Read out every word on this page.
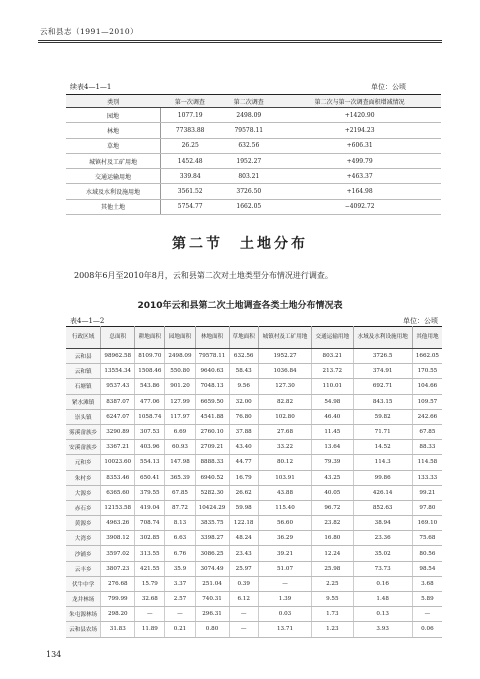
云和县志（1991—2010）
续表4—1—1	单位：公顷
类别	第一次调查	第二次调查	第二次与第一次调查面积增减情况
园地	1077.19	2498.09	+1420.90
林地	77383.88	79578.11	+2194.23
草地	26.25	632.56	+606.31
城镇村及工矿用地	1452.48	1952.27	+499.79
交通运输用地	339.84	803.21	+463.37
水域及水利设施用地	3561.52	3726.50	+164.98
其他土地	5754.77	1662.05	−4092.72
第二节　土地分布
2008年6月至2010年8月，云和县第二次对土地类型分布情况进行调查。
2010年云和县第二次土地调查各类土地分布情况表
表4—1—2	单位：公顷
行政区域	总面积	耕地面积	园地面积	林地面积	草地面积	城镇村及工矿用地	交通运输用地	水域及水利设施用地	其他用地
云和县	98962.58	8109.70	2498.09	79578.11	632.56	1952.27	803.21	3726.5	1662.05
云和镇	13554.34	1508.46	550.80	9640.63	58.43	1036.84	213.72	374.91	170.55
石塘镇	9537.43	543.86	901.20	7048.13	9.56	127.30	110.01	692.71	104.66
紧水滩镇	8387.07	477.06	127.99	6659.50	32.00	82.82	54.98	843.15	109.57
崇头镇	6247.07	1058.74	117.97	4541.88	76.80	102.80	46.40	59.82	242.66
雾溪畲族乡	3290.89	307.53	6.69	2760.10	37.88	27.68	11.45	71.71	67.85
安溪畲族乡	3367.21	403.96	60.93	2709.21	43.40	33.22	13.64	14.52	88.33
元和乡	10023.60	554.13	147.98	8888.33	44.77	80.12	79.39	114.3	114.58
朱村乡	8353.46	650.41	365.39	6940.52	16.79	103.91	43.25	99.86	133.33
大源乡	6365.60	379.55	67.85	5282.30	26.62	43.88	40.05	426.14	99.21
赤石乡	12153.58	419.04	87.72	10424.29	59.98	115.40	96.72	852.63	97.80
黄源乡	4963.26	708.74	8.13	3835.75	122.18	56.60	23.82	38.94	169.10
大湾乡	3908.12	302.85	6.63	3398.27	48.24	36.29	16.80	23.36	75.68
沙铺乡	3597.02	313.55	6.76	3086.25	23.43	39.21	12.24	35.02	80.56
云丰乡	3807.23	421.55	35.9	3074.49	25.97	51.07	25.98	73.73	98.54
伏牛中学	276.68	15.79	3.37	251.04	0.39	—	2.25	0.16	3.68
龙井林场	799.99	32.68	2.57	740.31	6.12	1.39	9.55	1.48	5.89
朱屯源林场	298.20	—	—	296.31	—	0.03	1.73	0.13	—
云和县农场	31.83	11.89	0.21	0.80	—	13.71	1.23	3.93	0.06
134
